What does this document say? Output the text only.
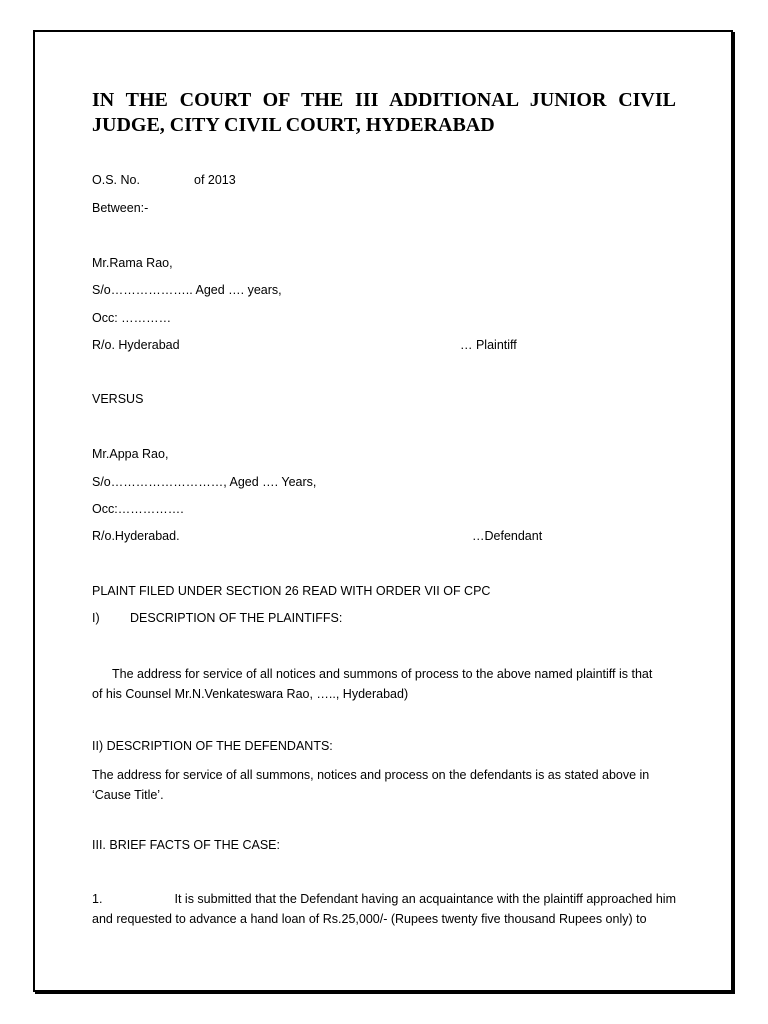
IN THE COURT OF THE III ADDITIONAL JUNIOR CIVIL JUDGE, CITY CIVIL COURT, HYDERABAD
O.S. No.	of 2013
Between:-
Mr.Rama Rao,
S/o……………….. Aged …. years,
Occ: …………
R/o. Hyderabad	… Plaintiff
VERSUS
Mr.Appa Rao,
S/o………………………, Aged …. Years,
Occ:…………….
R/o.Hyderabad.	…Defendant
PLAINT FILED UNDER SECTION 26 READ WITH ORDER VII OF CPC
I) DESCRIPTION OF THE PLAINTIFFS:
The address for service of all notices and summons of process to the above named plaintiff is that
of his Counsel Mr.N.Venkateswara Rao, ….., Hyderabad)
II) DESCRIPTION OF THE DEFENDANTS:
The address for service of all summons, notices and process on the defendants is as stated above in
‘Cause Title’.
III. BRIEF FACTS OF THE CASE:
1.	It is submitted that the Defendant having an acquaintance with the plaintiff approached him
and requested to advance a hand loan of Rs.25,000/- (Rupees twenty five thousand Rupees only) to
